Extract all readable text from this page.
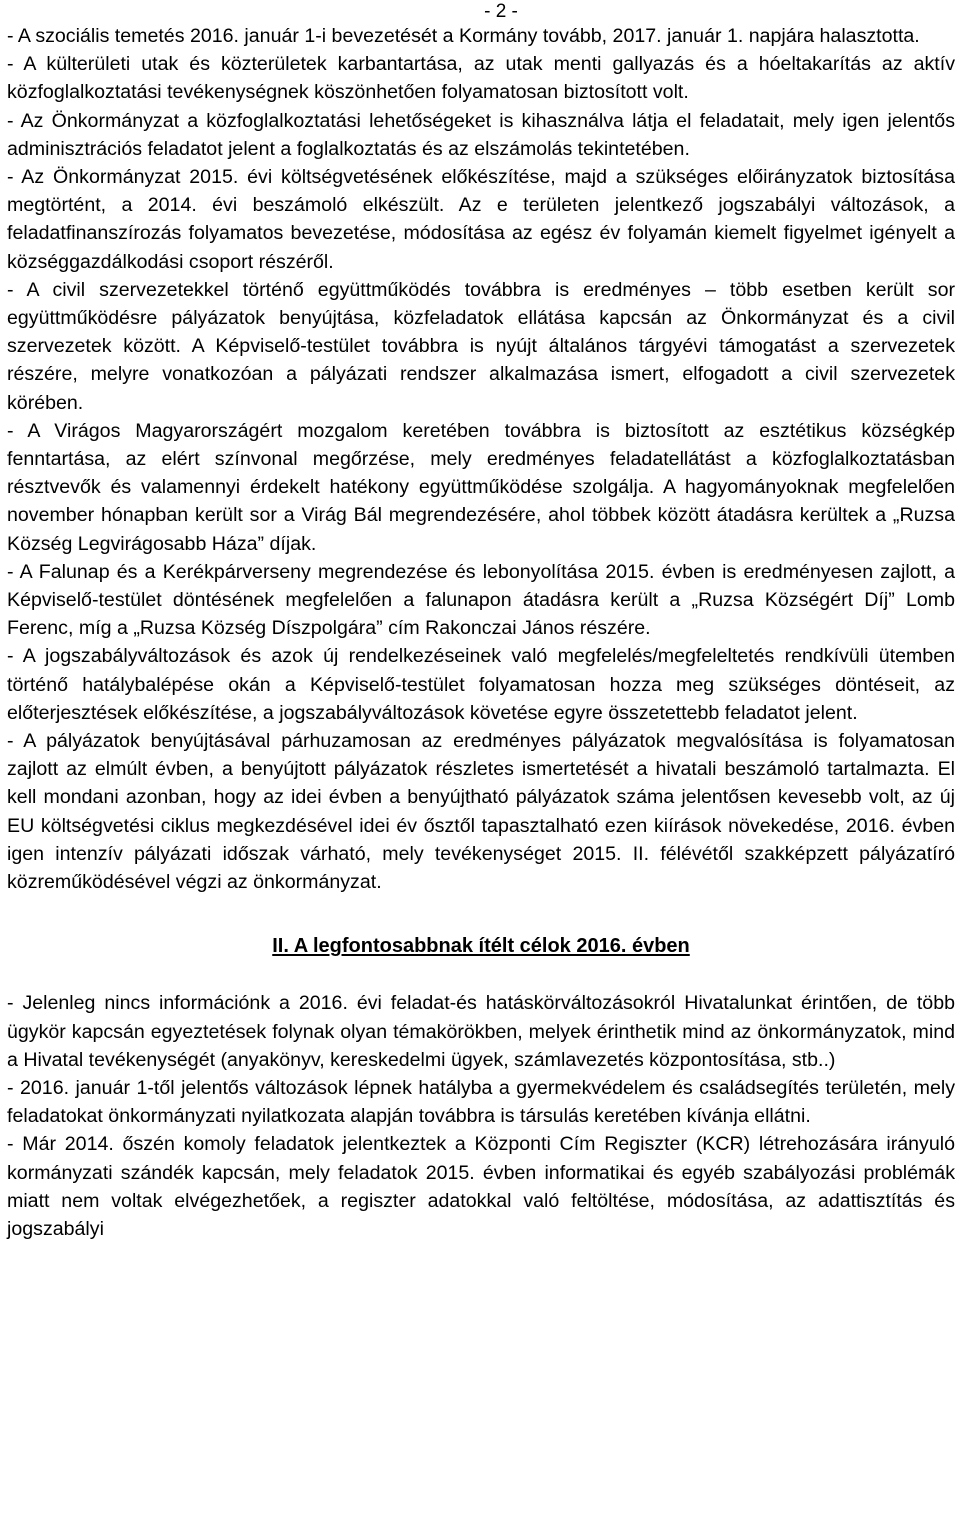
- 2 -

- A szociális temetés 2016. január 1-i bevezetését a Kormány tovább, 2017. január 1. napjára halasztotta.

- A külterületi utak és közterületek karbantartása, az utak menti gallyazás és a hóeltakarítás az aktív közfoglalkoztatási tevékenységnek köszönhetően folyamatosan biztosított volt.

- Az Önkormányzat a közfoglalkoztatási lehetőségeket is kihasználva látja el feladatait, mely igen jelentős adminisztrációs feladatot jelent a foglalkoztatás és az elszámolás tekintetében.

- Az Önkormányzat 2015. évi költségvetésének előkészítése, majd a szükséges előirányzatok biztosítása megtörtént, a 2014. évi beszámoló elkészült. Az e területen jelentkező jogszabályi változások, a feladatfinanszírozás folyamatos bevezetése, módosítása az egész év folyamán kiemelt figyelmet igényelt a községgazdálkodási csoport részéről.

- A civil szervezetekkel történő együttműködés továbbra is eredményes – több esetben került sor együttműködésre pályázatok benyújtása, közfeladatok ellátása kapcsán az Önkormányzat és a civil szervezetek között. A Képviselő-testület továbbra is nyújt általános tárgyévi támogatást a szervezetek részére, melyre vonatkozóan a pályázati rendszer alkalmazása ismert, elfogadott a civil szervezetek körében.

- A Virágos Magyarországért mozgalom keretében továbbra is biztosított az esztétikus községkép fenntartása, az elért színvonal megőrzése, mely eredményes feladatellátást a közfoglalkoztatásban résztvevők és valamennyi érdekelt hatékony együttműködése szolgálja. A hagyományoknak megfelelően november hónapban került sor a Virág Bál megrendezésére, ahol többek között átadásra kerültek a „Ruzsa Község Legvirágosabb Háza” díjak.

- A Falunap és a Kerékpárverseny megrendezése és lebonyolítása 2015. évben is eredményesen zajlott, a Képviselő-testület döntésének megfelelően a falunapon átadásra került a „Ruzsa Községért Díj” Lomb Ferenc, míg a „Ruzsa Község Díszpolgára” cím Rakonczai János részére.

- A jogszabályváltozások és azok új rendelkezéseinek való megfelelés/megfeleltetés rendkívüli ütemben történő hatálybalépése okán a Képviselő-testület folyamatosan hozza meg szükséges döntéseit, az előterjesztések előkészítése, a jogszabályváltozások követése egyre összetettebb feladatot jelent.

- A pályázatok benyújtásával párhuzamosan az eredményes pályázatok megvalósítása is folyamatosan zajlott az elmúlt évben, a benyújtott pályázatok részletes ismertetését a hivatali beszámoló tartalmazta. El kell mondani azonban, hogy az idei évben a benyújtható pályázatok száma jelentősen kevesebb volt, az új EU költségvetési ciklus megkezdésével idei év ősztől tapasztalható ezen kiírások növekedése, 2016. évben igen intenzív pályázati időszak várható, mely tevékenységet 2015. II. félévétől szakképzett pályázatíró közreműködésével végzi az önkormányzat.

II. A legfontosabbnak ítélt célok 2016. évben

- Jelenleg nincs információnk a 2016. évi feladat-és hatáskörváltozásokról Hivatalunkat érintően, de több ügykör kapcsán egyeztetések folynak olyan témakörökben, melyek érinthetik mind az önkormányzatok, mind a Hivatal tevékenységét (anyakönyv, kereskedelmi ügyek, számlavezetés központosítása, stb..)

- 2016. január 1-től jelentős változások lépnek hatályba a gyermekvédelem és családsegítés területén, mely feladatokat önkormányzati nyilatkozata alapján továbbra is társulás keretében kívánja ellátni.

- Már 2014. őszén komoly feladatok jelentkeztek a Központi Cím Regiszter (KCR) létrehozására irányuló kormányzati szándék kapcsán, mely feladatok 2015. évben informatikai és egyéb szabályozási problémák miatt nem voltak elvégezhetőek, a regiszter adatokkal való feltöltése, módosítása, az adattisztítás és jogszabályi
